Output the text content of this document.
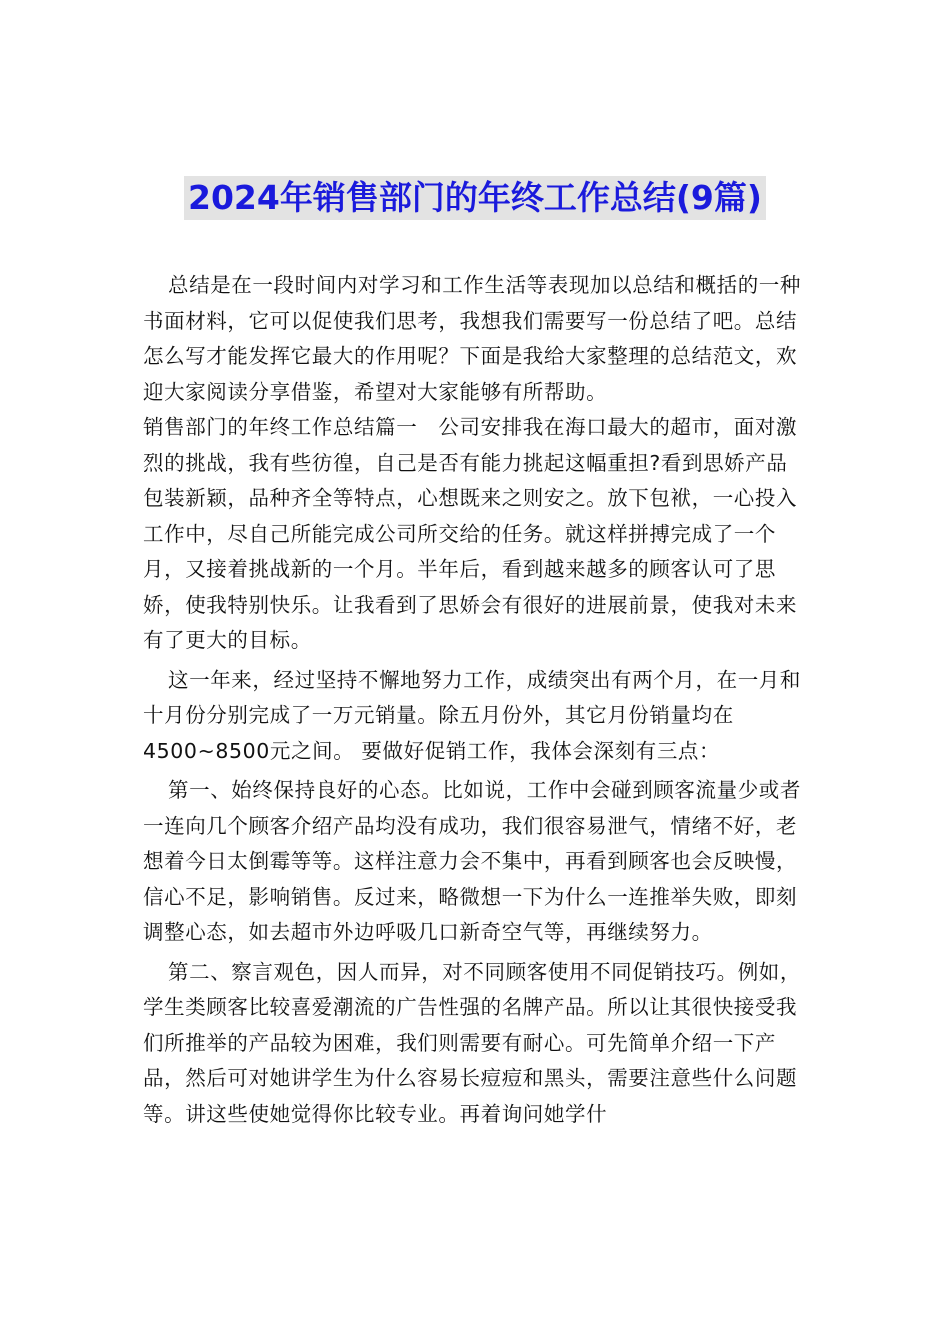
2024年销售部门的年终工作总结(9篇)

总结是在一段时间内对学习和工作生活等表现加以总结和概括的一种书面材料，它可以促使我们思考，我想我们需要写一份总结了吧。总结怎么写才能发挥它最大的作用呢？下面是我给大家整理的总结范文，欢迎大家阅读分享借鉴，希望对大家能够有所帮助。

销售部门的年终工作总结篇一　公司安排我在海口最大的超市，面对激烈的挑战，我有些彷徨，自己是否有能力挑起这幅重担?看到思娇产品包装新颖，品种齐全等特点，心想既来之则安之。放下包袱，一心投入工作中，尽自己所能完成公司所交给的任务。就这样拼搏完成了一个月，又接着挑战新的一个月。半年后，看到越来越多的顾客认可了思娇，使我特别快乐。让我看到了思娇会有很好的进展前景，使我对未来有了更大的目标。

这一年来，经过坚持不懈地努力工作，成绩突出有两个月，在一月和十月份分别完成了一万元销量。除五月份外，其它月份销量均在4500~8500元之间。 要做好促销工作，我体会深刻有三点：

第一、始终保持良好的心态。比如说，工作中会碰到顾客流量少或者一连向几个顾客介绍产品均没有成功，我们很容易泄气，情绪不好，老想着今日太倒霉等等。这样注意力会不集中，再看到顾客也会反映慢，信心不足，影响销售。反过来，略微想一下为什么一连推举失败，即刻调整心态，如去超市外边呼吸几口新奇空气等，再继续努力。

第二、察言观色，因人而异，对不同顾客使用不同促销技巧。例如，学生类顾客比较喜爱潮流的广告性强的名牌产品。所以让其很快接受我们所推举的产品较为困难，我们则需要有耐心。可先简单介绍一下产品，然后可对她讲学生为什么容易长痘痘和黑头，需要注意些什么问题等。讲这些使她觉得你比较专业。再着询问她学什
